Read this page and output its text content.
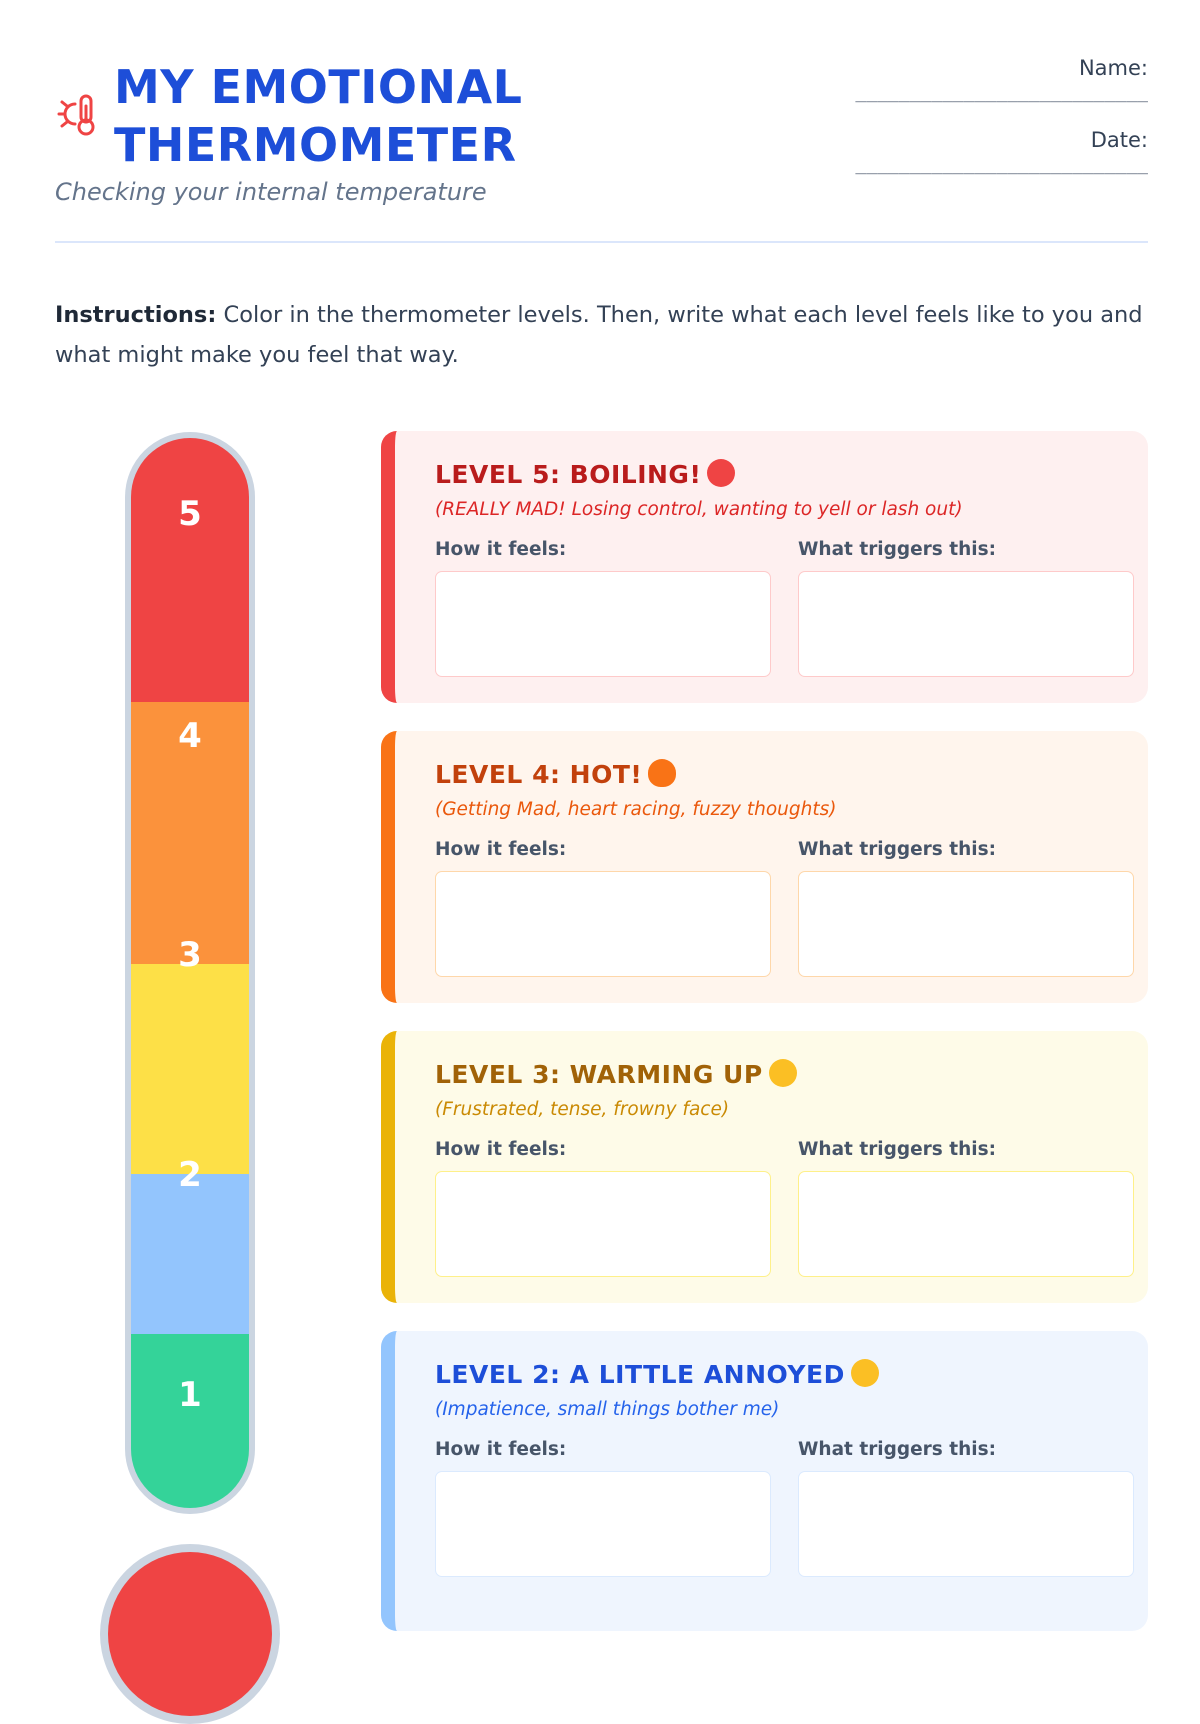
MY EMOTIONAL
THERMOMETER
Checking your internal temperature
Name:
___________________________
Date:
___________________________
Instructions: Color in the thermometer levels. Then, write what each level feels like to you and what might make you feel that way.
5
4
3
2
1
LEVEL 5: BOILING!
(REALLY MAD! Losing control, wanting to yell or lash out)
How it feels:	What triggers this:
LEVEL 4: HOT!
(Getting Mad, heart racing, fuzzy thoughts)
How it feels:	What triggers this:
LEVEL 3: WARMING UP
(Frustrated, tense, frowny face)
How it feels:	What triggers this:
LEVEL 2: A LITTLE ANNOYED
(Impatience, small things bother me)
How it feels:	What triggers this:
